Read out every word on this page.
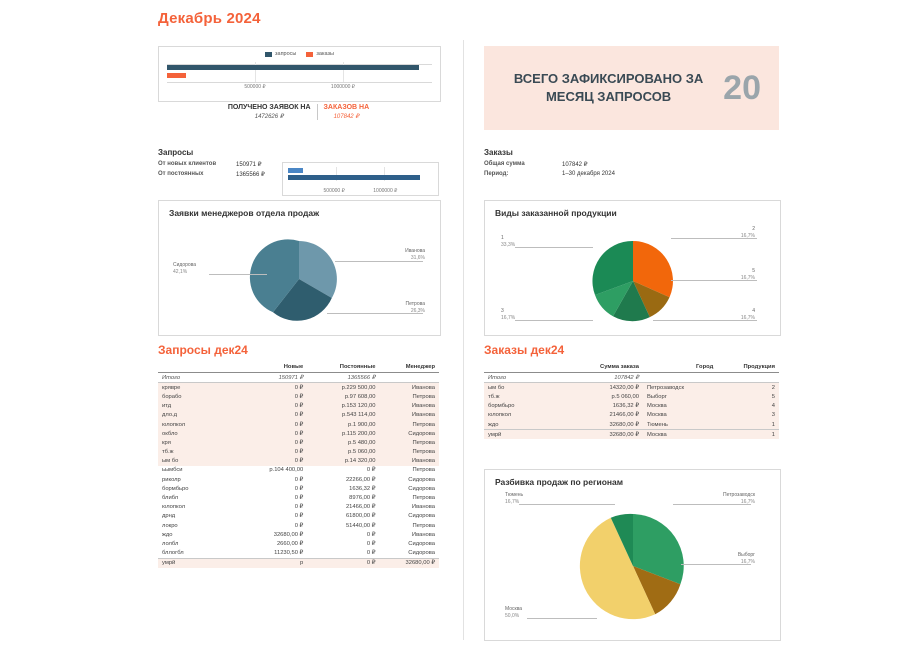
Декабрь 2024
запросы	заказы
500000 ₽	1000000 ₽
ПОЛУЧЕНО ЗАЯВОК НА
1472626 ₽
ЗАКАЗОВ НА
107842 ₽
ВСЕГО ЗАФИКСИРОВАНО ЗА МЕСЯЦ ЗАПРОСОВ	20
Запросы
От новых клиентов	150971 ₽
От постоянных	1365566 ₽
500000 ₽	1000000 ₽
Заказы
Общая сумма	107842 ₽
Период:	1–30 декабря 2024
Заявки менеджеров отдела продаж
Иванова
31,6%
Петрова
26,3%
Сидорова
42,1%
Виды заказанной продукции
2
16,7%
5
16,7%
4
16,7%
1
33,3%
3
16,7%
Запросы дек24	Заказы дек24
	Новые	Постоянные	Менеджер
Итого	150971 ₽	1365566 ₽	
крявре	0 ₽	р.229 500,00	Иванова
борабо	0 ₽	р.97 608,00	Петрова
итд	0 ₽	р.153 120,00	Иванова
дло.д	0 ₽	р.543 114,00	Иванова
юлопкол	0 ₽	р.1 900,00	Петрова
окбло	0 ₽	р.115 200,00	Сидорова
кря	0 ₽	р.5 480,00	Петрова
тб.ж	0 ₽	р.5 060,00	Петрова
ым бо	0 ₽	р.14 320,00	Иванова
ьымбси	р.104 400,00	0 ₽	Петрова
риколр	0 ₽	22266,00 ₽	Сидорова
бормбьро	0 ₽	1636,32 ₽	Сидорова
блибл	0 ₽	8976,00 ₽	Петрова
юлопкол	0 ₽	21466,00 ₽	Иванова
дрнд	0 ₽	61800,00 ₽	Сидорова
локро	0 ₽	51440,00 ₽	Петрова
ждо	32680,00 ₽	0 ₽	Иванова
лолбл	2660,00 ₽	0 ₽	Сидорова
бллогбл	11230,50 ₽	0 ₽	Сидорова
умрй	р	0 ₽	32680,00 ₽
	Сумма заказа	Город	Продукция
Итого	107842 ₽		
ым бо	14320,00 ₽	Петрозаводск	2
тб.ж	р.5 060,00	Выборг	5
бормбьро	1636,32 ₽	Москва	4
юлопкол	21466,00 ₽	Москва	3
ждо	32680,00 ₽	Тюмень	1
умрй	32680,00 ₽	Москва	1
Разбивка продаж по регионам
Петрозаводск
16,7%
Выборг
16,7%
Москва
50,0%
Тюмень
16,7%
